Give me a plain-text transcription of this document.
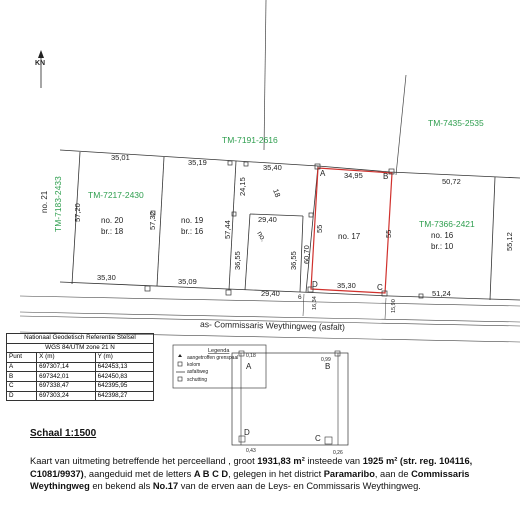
KN
TM-7191-2616
TM-7435-2535
TM-7183-2433	TM-7217-2430
TM-7366-2421
no. 21
no. 20
br.: 18
no. 19
br.: 16
no. 17	no. 16
br.: 10
no.
18
35,01
35,19
35,40
34,95
50,72
57,20	57,32	57,44
24,15
29,40
36,55	36,55 60,70
55
55	55,12
35,30	35,09
29,40
35,30
51,24
6 16,34	15,90
A	B
C
D
as- Commissaris Weythingweg (asfalt)
Legenda
aangetroffen grenspaal
kolom
asfaltweg
schutting
0,18
0,99
0,43	0,26
A	B
C
D
Nationaal Geodetisch Referentie Stelsel		
WGS 84/UTM zone 21 N		
Punt	X (m)	Y (m)
A	697307,14	642453,13
B	697342,01	642450,83
C	697338,47	642395,95
D	697303,24	642398,27
Schaal 1:1500
Kaart van uitmeting betreffende het perceelland , groot 1931,83 m² insteede van 1925 m² (str. reg. 104116, C1081/9937), aangeduid met de letters A B C D, gelegen in het district Paramaribo, aan de Commissaris Weythingweg en bekend als No.17 van de erven aan de Leys- en Commissaris Weythingweg.
